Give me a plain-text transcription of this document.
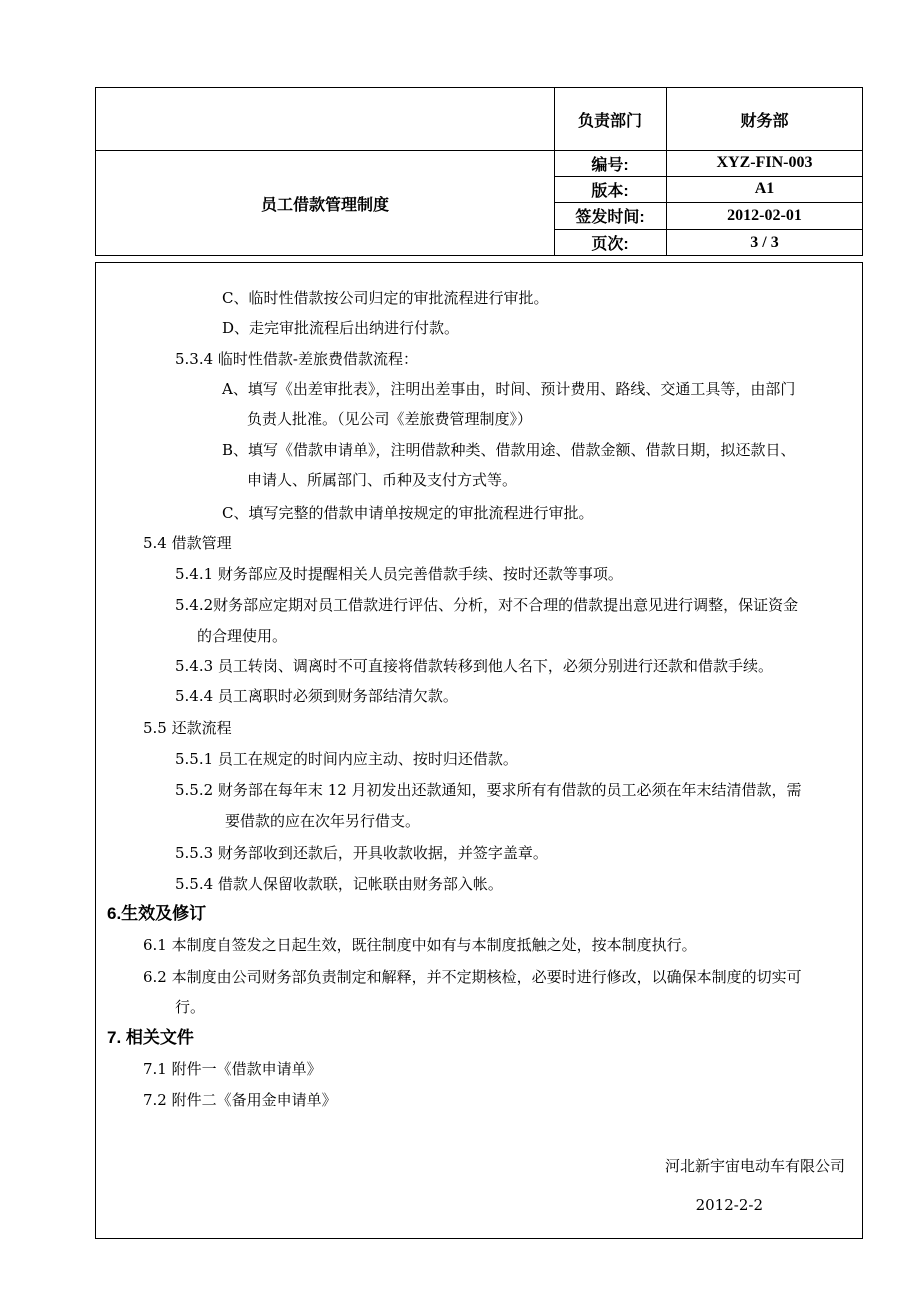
负责部门	财务部
员工借款管理制度
编号:	XYZ-FIN-003
版本:	A1
签发时间:	2012-02-01
页次:	3 / 3
C、临时性借款按公司归定的审批流程进行审批。
D、走完审批流程后出纳进行付款。
5.3.4 临时性借款-差旅费借款流程：
A、填写《出差审批表》，注明出差事由，时间、预计费用、路线、交通工具等，由部门
负责人批准。（见公司《差旅费管理制度》）
B、填写《借款申请单》，注明借款种类、借款用途、借款金额、借款日期，拟还款日、
申请人、所属部门、币种及支付方式等。
C、填写完整的借款申请单按规定的审批流程进行审批。
5.4 借款管理
5.4.1 财务部应及时提醒相关人员完善借款手续、按时还款等事项。
5.4.2财务部应定期对员工借款进行评估、分析，对不合理的借款提出意见进行调整，保证资金
的合理使用。
5.4.3 员工转岗、调离时不可直接将借款转移到他人名下，必须分别进行还款和借款手续。
5.4.4 员工离职时必须到财务部结清欠款。
5.5 还款流程
5.5.1 员工在规定的时间内应主动、按时归还借款。
5.5.2 财务部在每年末 12 月初发出还款通知，要求所有有借款的员工必须在年末结清借款，需
要借款的应在次年另行借支。
5.5.3 财务部收到还款后，开具收款收据，并签字盖章。
5.5.4 借款人保留收款联，记帐联由财务部入帐。
6.生效及修订
6.1 本制度自签发之日起生效，既往制度中如有与本制度抵触之处，按本制度执行。
6.2 本制度由公司财务部负责制定和解释，并不定期核检，必要时进行修改，以确保本制度的切实可
行。
7. 相关文件
7.1 附件一《借款申请单》
7.2 附件二《备用金申请单》
河北新宇宙电动车有限公司
2012-2-2
